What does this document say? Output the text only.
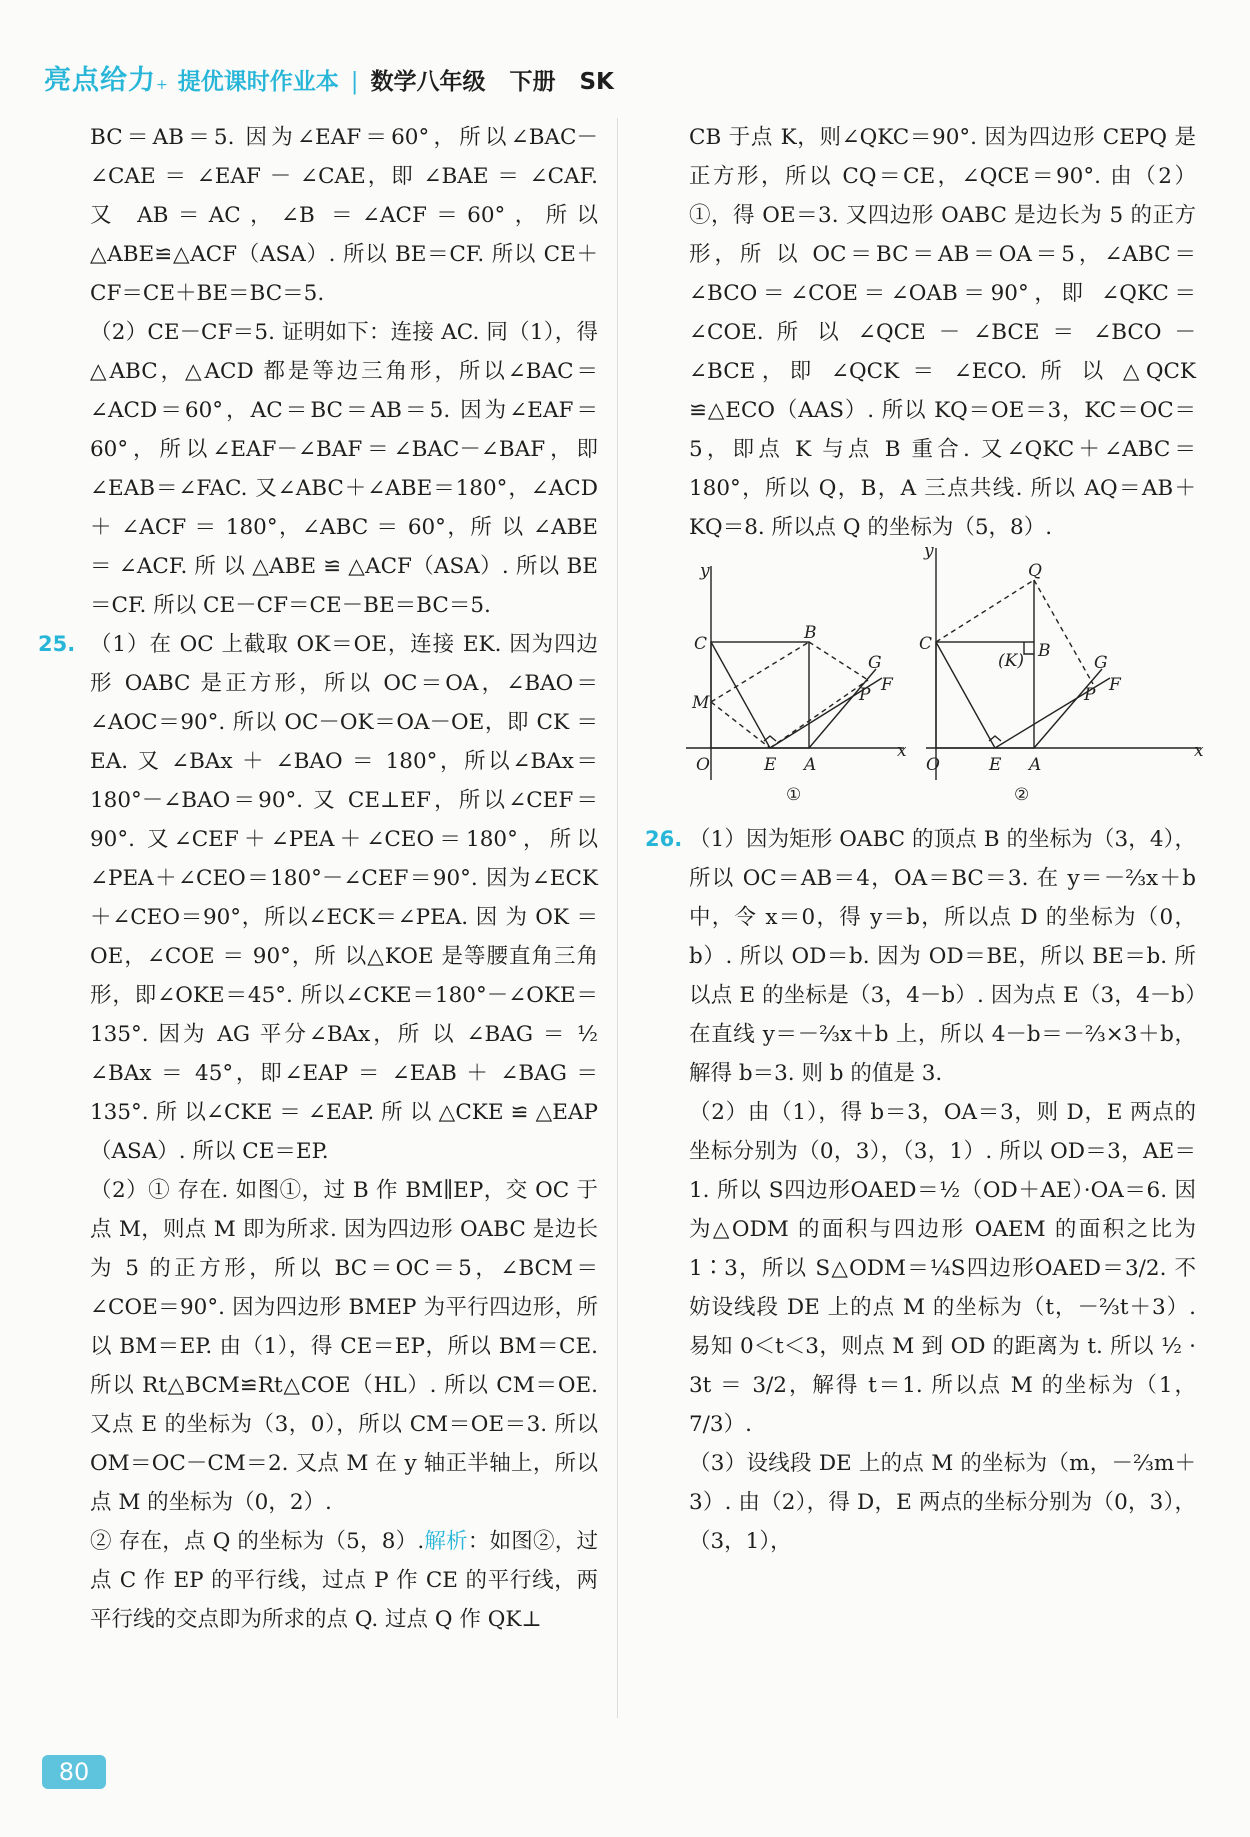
亮点给力 + 提优课时作业本 | 数学八年级 下册 SK

BC＝AB＝5. 因为∠EAF＝60°，所以∠BAC－∠CAE ＝ ∠EAF － ∠CAE，即 ∠BAE ＝ ∠CAF. 又 AB＝AC，∠B ＝∠ACF＝60°，所以△ABE≌△ACF（ASA）. 所以 BE＝CF. 所以 CE＋CF＝CE＋BE＝BC＝5.

（2）CE－CF＝5. 证明如下：连接 AC. 同（1），得△ABC，△ACD 都是等边三角形，所以∠BAC＝∠ACD＝60°，AC＝BC＝AB＝5. 因为∠EAF＝60°，所以∠EAF－∠BAF＝∠BAC－∠BAF，即∠EAB＝∠FAC. 又∠ABC＋∠ABE＝180°，∠ACD ＋ ∠ACF ＝ 180°，∠ABC ＝ 60°，所 以 ∠ABE ＝ ∠ACF. 所 以 △ABE ≌ △ACF（ASA）. 所以 BE＝CF. 所以 CE－CF＝CE－BE＝BC＝5.

25. （1）在 OC 上截取 OK＝OE，连接 EK. 因为四边形 OABC 是正方形，所以 OC＝OA，∠BAO＝∠AOC＝90°. 所以 OC－OK＝OA－OE，即 CK ＝ EA. 又 ∠BAx ＋ ∠BAO ＝ 180°，所以∠BAx＝180°－∠BAO＝90°. 又 CE⊥EF，所以∠CEF＝90°. 又∠CEF＋∠PEA＋∠CEO＝180°，所以∠PEA＋∠CEO＝180°－∠CEF＝90°. 因为∠ECK＋∠CEO＝90°，所以∠ECK＝∠PEA. 因 为 OK ＝ OE，∠COE ＝ 90°，所 以△KOE 是等腰直角三角形，即∠OKE＝45°. 所以∠CKE＝180°－∠OKE＝135°. 因为 AG 平分∠BAx，所 以 ∠BAG ＝ ½ ∠BAx ＝ 45°，即∠EAP ＝ ∠EAB ＋ ∠BAG ＝ 135°. 所 以∠CKE ＝ ∠EAP. 所 以 △CKE ≌ △EAP（ASA）. 所以 CE＝EP.

（2）① 存在. 如图①，过 B 作 BM∥EP，交 OC 于点 M，则点 M 即为所求. 因为四边形 OABC 是边长为 5 的正方形，所以 BC＝OC＝5，∠BCM＝∠COE＝90°. 因为四边形 BMEP 为平行四边形，所以 BM＝EP. 由（1），得 CE＝EP，所以 BM＝CE. 所以 Rt△BCM≌Rt△COE（HL）. 所以 CM＝OE. 又点 E 的坐标为（3，0），所以 CM＝OE＝3. 所以 OM＝OC－CM＝2. 又点 M 在 y 轴正半轴上，所以点 M 的坐标为（0，2）.

② 存在，点 Q 的坐标为（5，8）.解析：如图②，过点 C 作 EP 的平行线，过点 P 作 CE 的平行线，两平行线的交点即为所求的点 Q. 过点 Q 作 QK⊥

CB 于点 K，则∠QKC＝90°. 因为四边形 CEPQ 是正方形，所以 CQ＝CE，∠QCE＝90°. 由（2）①，得 OE＝3. 又四边形 OABC 是边长为 5 的正方形，所 以 OC＝BC＝AB＝OA＝5，∠ABC＝∠BCO＝∠COE＝∠OAB＝90°，即 ∠QKC＝∠COE. 所 以 ∠QCE － ∠BCE ＝ ∠BCO －∠BCE，即 ∠QCK ＝ ∠ECO. 所 以 △QCK ≌△ECO（AAS）. 所以 KQ＝OE＝3，KC＝OC＝5，即点 K 与点 B 重合. 又∠QKC＋∠ABC＝180°，所以 Q，B，A 三点共线. 所以 AQ＝AB＋KQ＝8. 所以点 Q 的坐标为（5，8）.

x
y
O	E A
B
C
M
G
F
P
O
x
y
E A
B
C
Q
(K)	G
F
P
①	②
26. （1）因为矩形 OABC 的顶点 B 的坐标为（3，4），所以 OC＝AB＝4，OA＝BC＝3. 在 y＝－⅔x＋b 中，令 x＝0，得 y＝b，所以点 D 的坐标为（0，b）. 所以 OD＝b. 因为 OD＝BE，所以 BE＝b. 所以点 E 的坐标是（3，4－b）. 因为点 E（3，4－b）在直线 y＝－⅔x＋b 上，所以 4－b＝－⅔×3＋b，解得 b＝3. 则 b 的值是 3.

（2）由（1），得 b＝3，OA＝3，则 D，E 两点的坐标分别为（0，3），（3，1）. 所以 OD＝3，AE＝1. 所以 S四边形OAED＝½（OD＋AE）·OA＝6. 因为△ODM 的面积与四边形 OAEM 的面积之比为 1∶3，所以 S△ODM＝¼S四边形OAED＝3/2. 不妨设线段 DE 上的点 M 的坐标为（t，－⅔t＋3）. 易知 0＜t＜3，则点 M 到 OD 的距离为 t. 所以 ½ · 3t ＝ 3/2，解得 t＝1. 所以点 M 的坐标为（1，7/3）.

（3）设线段 DE 上的点 M 的坐标为（m，－⅔m＋3）. 由（2），得 D，E 两点的坐标分别为（0，3），（3，1），

80
